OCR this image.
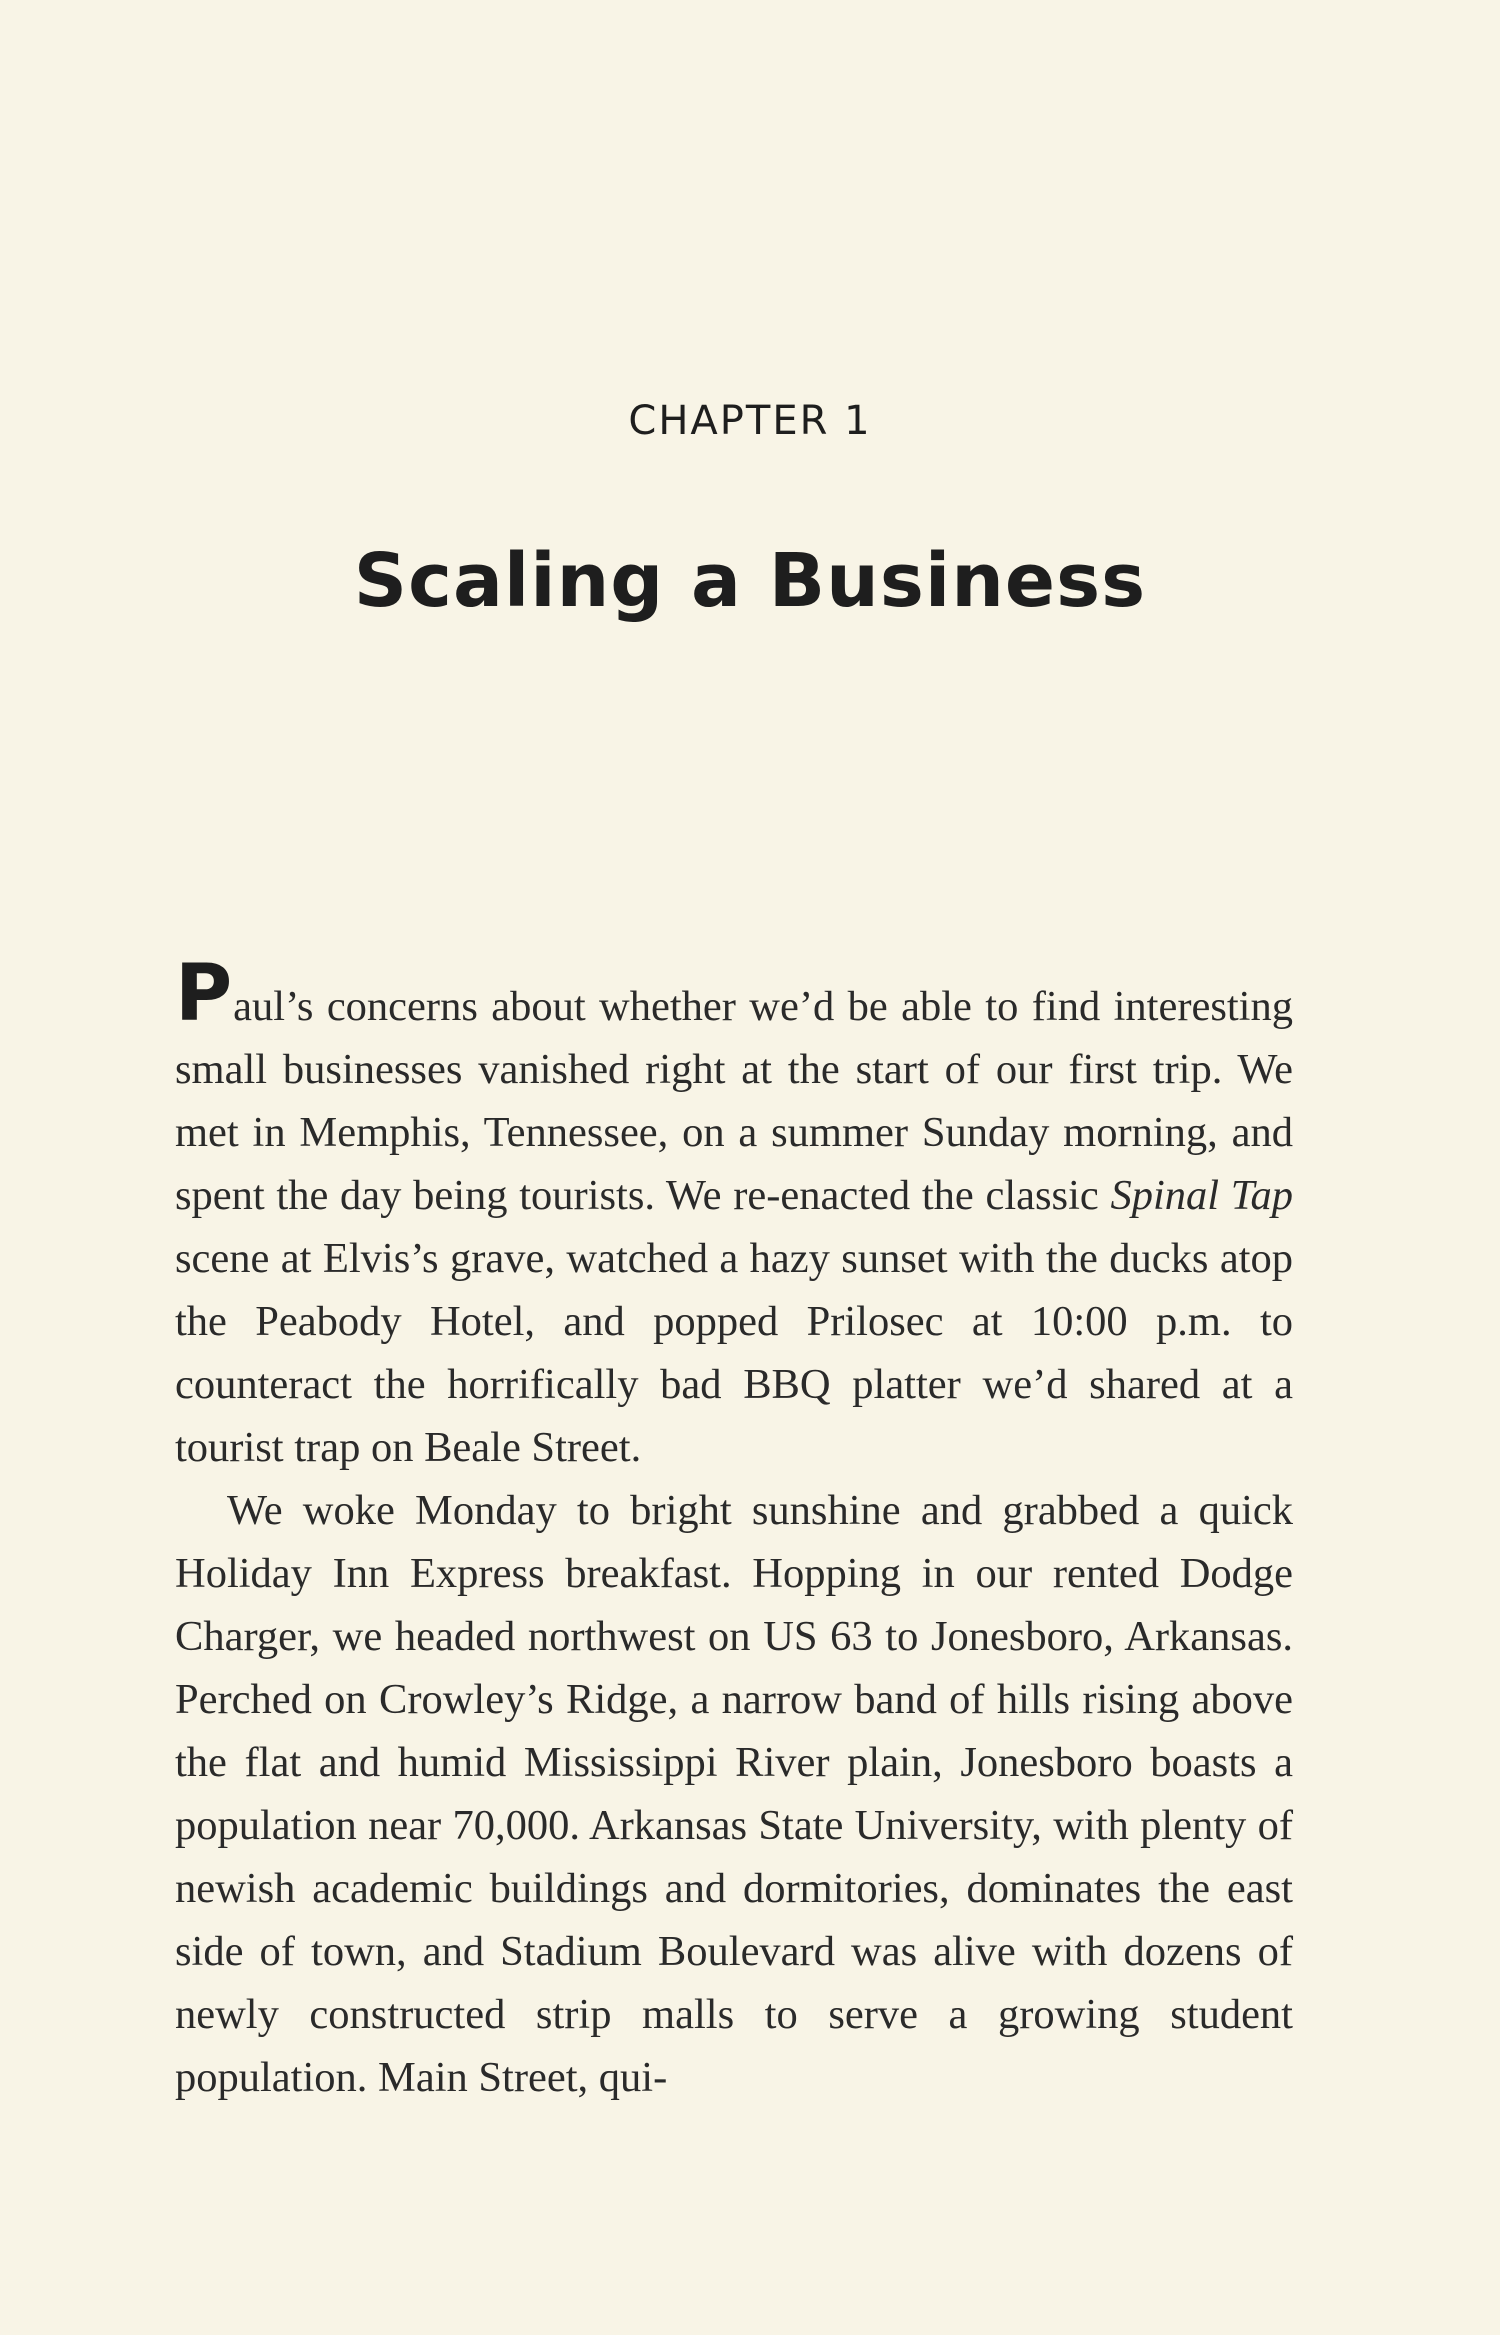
CHAPTER 1
Scaling a Business

Paul’s concerns about whether we’d be able to find interesting small businesses vanished right at the start of our first trip. We met in Memphis, Tennessee, on a summer Sunday morning, and spent the day being tourists. We re-enacted the classic Spinal Tap scene at Elvis’s grave, watched a hazy sunset with the ducks atop the Peabody Hotel, and popped Prilosec at 10:00 p.m. to counteract the horrifically bad BBQ platter we’d shared at a tourist trap on Beale Street.

We woke Monday to bright sunshine and grabbed a quick Holiday Inn Express breakfast. Hopping in our rented Dodge Charger, we headed northwest on US 63 to Jonesboro, Arkansas. Perched on Crowley’s Ridge, a narrow band of hills rising above the flat and humid Mississippi River plain, Jonesboro boasts a population near 70,000. Arkansas State University, with plenty of newish academic buildings and dormitories, dominates the east side of town, and Stadium Boulevard was alive with dozens of newly constructed strip malls to serve a growing student population. Main Street, qui-
